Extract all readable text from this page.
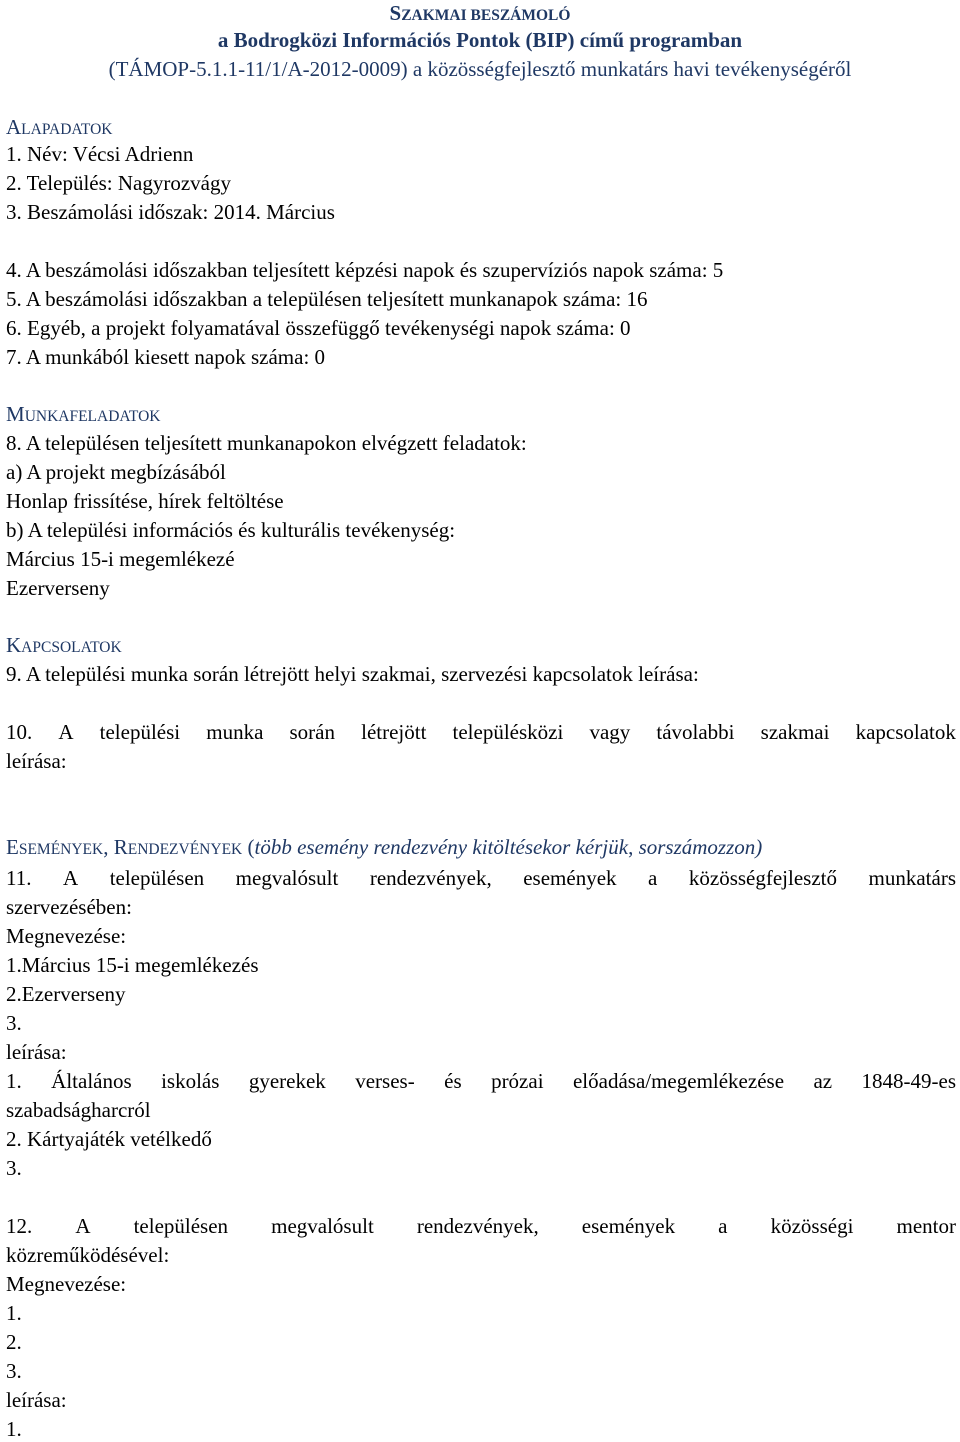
SZAKMAI BESZÁMOLÓ
a Bodrogközi Információs Pontok (BIP) című programban
(TÁMOP-5.1.1-11/1/A-2012-0009) a közösségfejlesztő munkatárs havi tevékenységéről
ALAPADATOK
1. Név: Vécsi Adrienn
2. Település: Nagyrozvágy
3. Beszámolási időszak: 2014. Március
4. A beszámolási időszakban teljesített képzési napok és szupervíziós napok száma: 5
5. A beszámolási időszakban a településen teljesített munkanapok száma: 16
6. Egyéb, a projekt folyamatával összefüggő tevékenységi napok száma: 0
7. A munkából kiesett napok száma: 0
MUNKAFELADATOK
8. A településen teljesített munkanapokon elvégzett feladatok:
a) A projekt megbízásából
Honlap frissítése, hírek feltöltése
b) A települési információs és kulturális tevékenység:
Március 15-i megemlékezé
Ezerverseny
KAPCSOLATOK
9. A települési munka során létrejött helyi szakmai, szervezési kapcsolatok leírása:
10. A települési munka során létrejött településközi vagy távolabbi szakmai kapcsolatok
leírása:
ESEMÉNYEK, RENDEZVÉNYEK (több esemény rendezvény kitöltésekor kérjük, sorszámozzon)
11. A településen megvalósult rendezvények, események a közösségfejlesztő munkatárs
szervezésében:
Megnevezése:
1.Március 15-i megemlékezés
2.Ezerverseny
3.
leírása:
1. Általános iskolás gyerekek verses- és prózai előadása/megemlékezése az 1848-49-es
szabadságharcról
2. Kártyajáték vetélkedő
3.
12. A településen megvalósult rendezvények, események a közösségi mentor
közreműködésével:
Megnevezése:
1.
2.
3.
leírása:
1.
